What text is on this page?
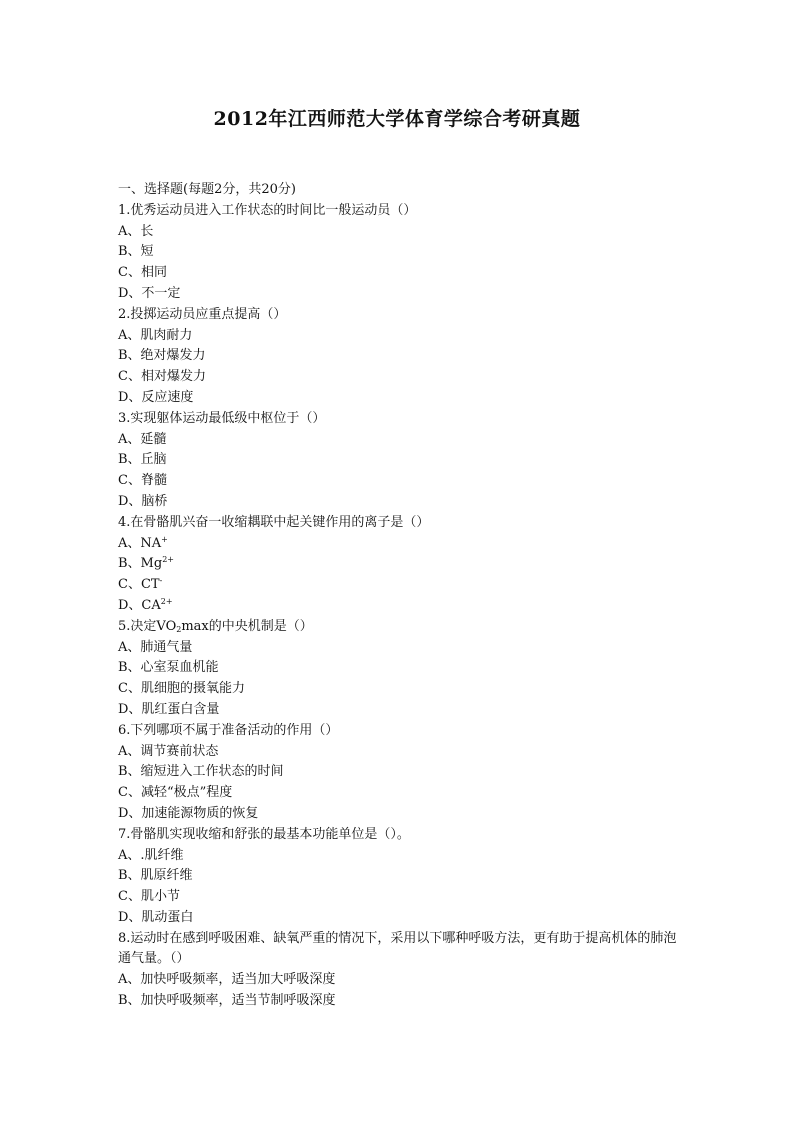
2012年江西师范大学体育学综合考研真题
一、选择题(每题2分，共20分)
1.优秀运动员进入工作状态的时间比一般运动员（）
A、长
B、短
C、相同
D、不一定
2.投掷运动员应重点提高（）
A、肌肉耐力
B、绝对爆发力
C、相对爆发力
D、反应速度
3.实现躯体运动最低级中枢位于（）
A、延髓
B、丘脑
C、脊髓
D、脑桥
4.在骨骼肌兴奋一收缩耦联中起关键作用的离子是（）
A、NA+
B、$Mg^{2+}$
C、CT-
D、$CA^{2+}$
5.决定$VO_2\max$的中央机制是（）
A、肺通气量
B、心室泵血机能
C、肌细胞的摄氧能力
D、肌红蛋白含量
6.下列哪项不属于准备活动的作用（）
A、调节赛前状态
B、缩短进入工作状态的时间
C、减轻“极点”程度
D、加速能源物质的恢复
7.骨骼肌实现收缩和舒张的最基本功能单位是（）。
A、.肌纤维
B、肌原纤维
C、肌小节
D、肌动蛋白
8.运动时在感到呼吸困难、缺氧严重的情况下，采用以下哪种呼吸方法，更有助于提高机体的肺泡通气量。（）
A、加快呼吸频率，适当加大呼吸深度
B、加快呼吸频率，适当节制呼吸深度
